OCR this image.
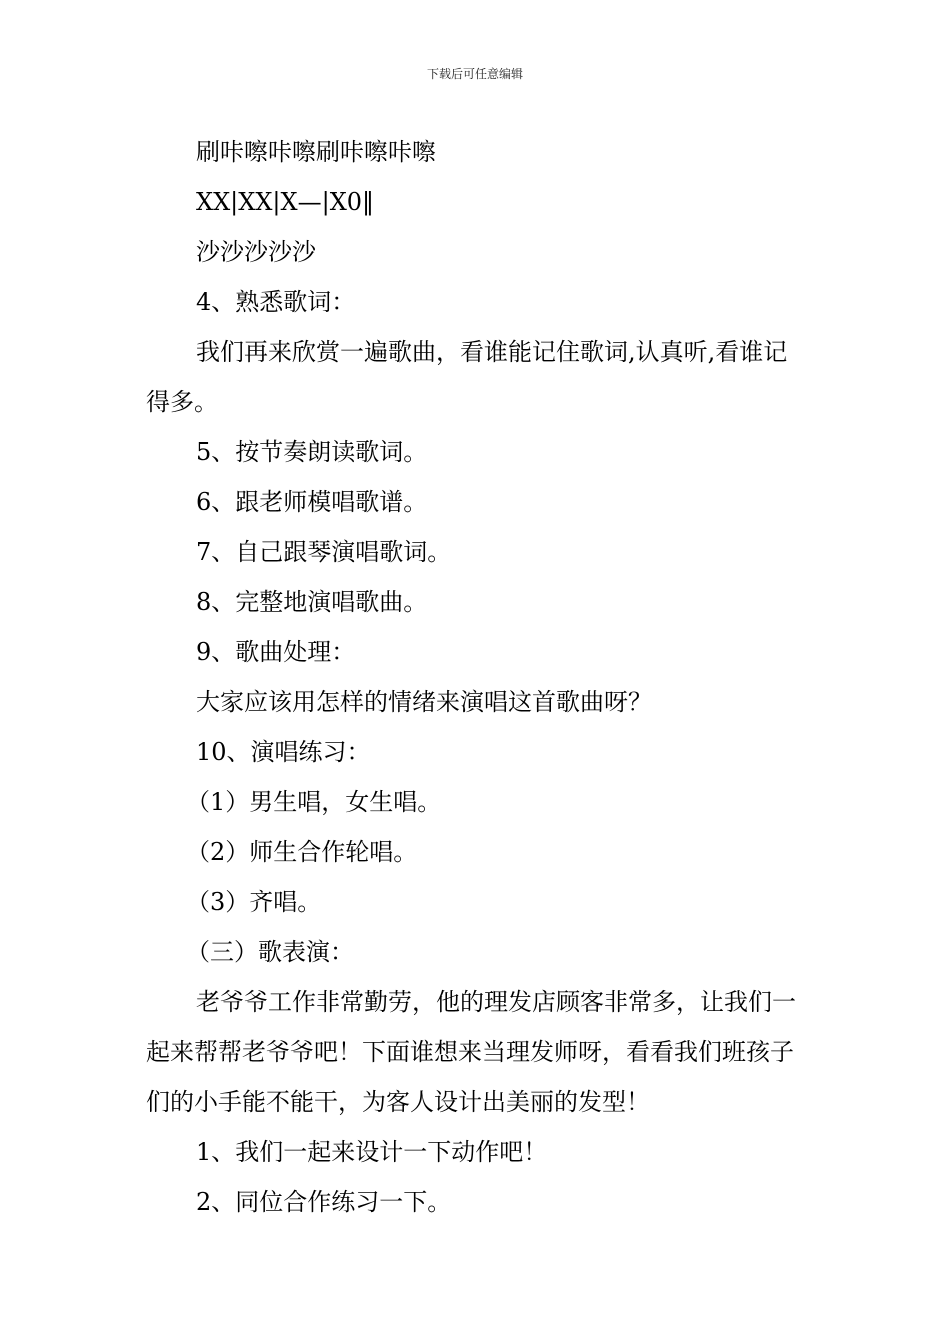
下载后可任意编辑

刷咔嚓咔嚓刷咔嚓咔嚓

XX|XX|X—|X0‖

沙沙沙沙沙

4、熟悉歌词：

我们再来欣赏一遍歌曲，看谁能记住歌词,认真听,看谁记得多。

5、按节奏朗读歌词。

6、跟老师模唱歌谱。

7、自己跟琴演唱歌词。

8、完整地演唱歌曲。

9、歌曲处理：

大家应该用怎样的情绪来演唱这首歌曲呀？

10、演唱练习：

（1）男生唱，女生唱。

（2）师生合作轮唱。

（3）齐唱。

（三）歌表演：

老爷爷工作非常勤劳，他的理发店顾客非常多，让我们一起来帮帮老爷爷吧！下面谁想来当理发师呀，看看我们班孩子们的小手能不能干，为客人设计出美丽的发型！

1、我们一起来设计一下动作吧！

2、同位合作练习一下。
